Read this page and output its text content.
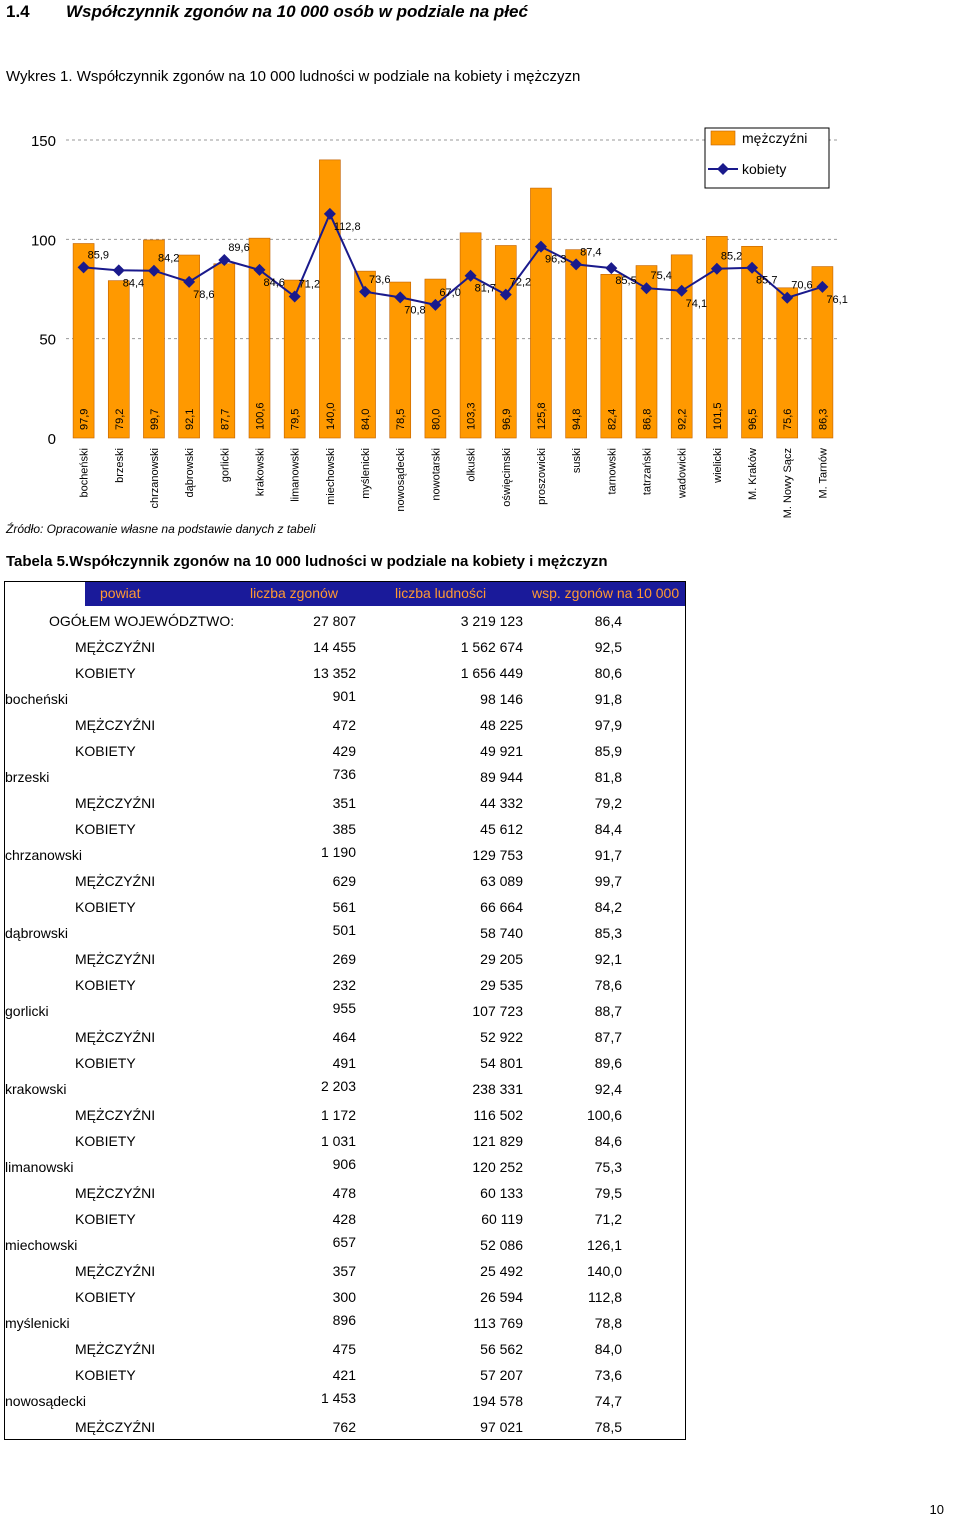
1.4 Współczynnik zgonów na 10 000 osób w podziale na płeć
Wykres 1. Współczynnik zgonów na 10 000 ludności w podziale na kobiety i mężczyzn
0
50
100
150
85,9
84,4
84,2
78,6
89,6
84,6 71,2
112,8
73,6
70,8
67,0 81,7
72,2
96,3
87,4
85,5 75,4
74,1
85,2
85,7 70,6
76,1
97,9 79,2 99,7 92,1 87,7 100,6 79,5 140,0 84,0 78,5 80,0 103,3 96,9 125,8 94,8 82,4 86,8 92,2 101,5 96,5 75,6 86,3
bocheński brzeski chrzanowski dąbrowski gorlicki krakowski limanowski miechowski myślenicki nowosądecki nowotarski olkuski oświęcimski proszowicki suski tarnowski tatrzański wadowicki wielicki M. Kraków M. Nowy Sącz M. Tarnów
mężczyźni
kobiety
Źródło: Opracowanie własne na podstawie danych z tabeli
Tabela 5.Współczynnik zgonów na 10 000 ludności w podziale na kobiety i mężczyzn
powiat	liczba zgonów	liczba ludności	wsp. zgonów na 10 000
OGÓŁEM WOJEWÓDZTWO:	27 807	3 219 123	86,4
MĘŻCZYŹNI	14 455	1 562 674	92,5
KOBIETY	13 352	1 656 449	80,6
bocheński	901	98 146	91,8
MĘŻCZYŹNI	472	48 225	97,9
KOBIETY	429	49 921	85,9
brzeski	736	89 944	81,8
MĘŻCZYŹNI	351	44 332	79,2
KOBIETY	385	45 612	84,4
chrzanowski	1 190	129 753	91,7
MĘŻCZYŹNI	629	63 089	99,7
KOBIETY	561	66 664	84,2
dąbrowski	501	58 740	85,3
MĘŻCZYŹNI	269	29 205	92,1
KOBIETY	232	29 535	78,6
gorlicki	955	107 723	88,7
MĘŻCZYŹNI	464	52 922	87,7
KOBIETY	491	54 801	89,6
krakowski	2 203	238 331	92,4
MĘŻCZYŹNI	1 172	116 502	100,6
KOBIETY	1 031	121 829	84,6
limanowski	906	120 252	75,3
MĘŻCZYŹNI	478	60 133	79,5
KOBIETY	428	60 119	71,2
miechowski	657	52 086	126,1
MĘŻCZYŹNI	357	25 492	140,0
KOBIETY	300	26 594	112,8
myślenicki	896	113 769	78,8
MĘŻCZYŹNI	475	56 562	84,0
KOBIETY	421	57 207	73,6
nowosądecki	1 453	194 578	74,7
MĘŻCZYŹNI	762	97 021	78,5
10
